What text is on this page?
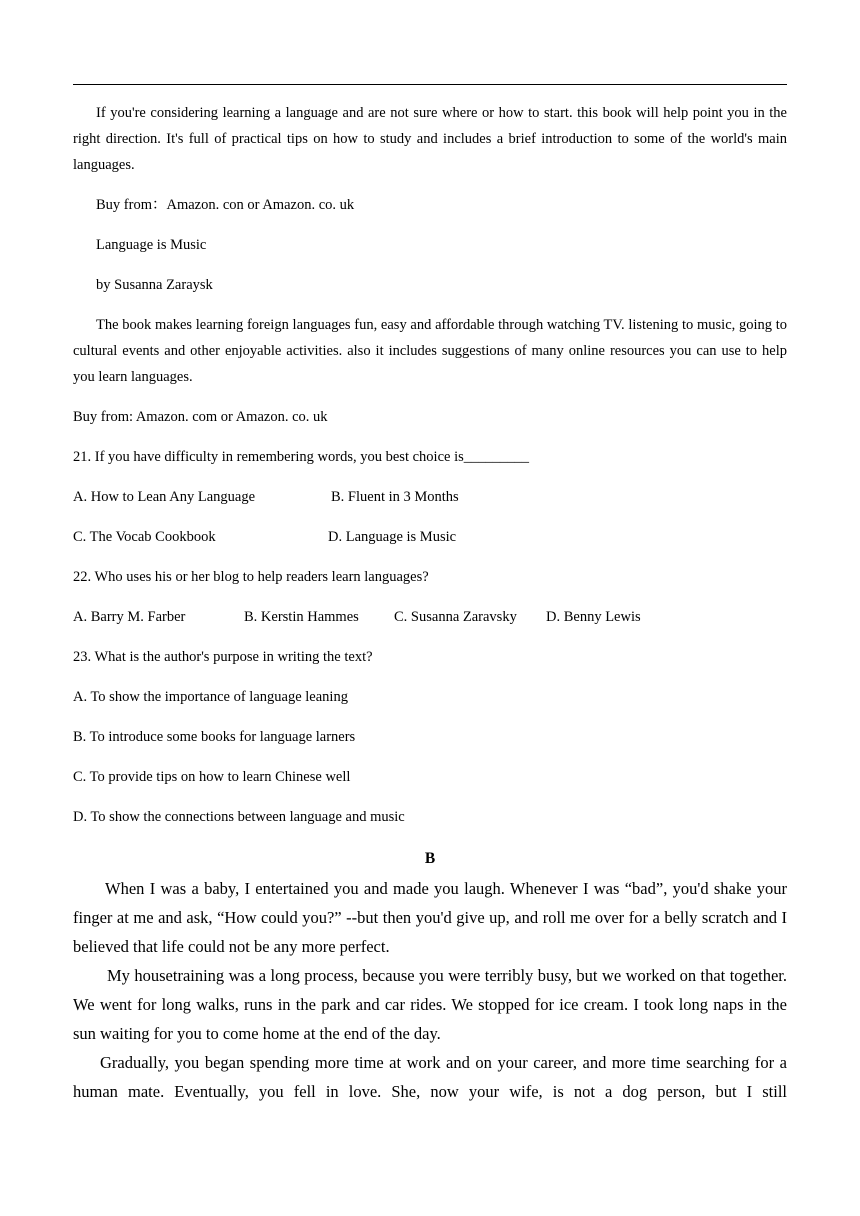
If you're considering learning a language and are not sure where or how to start. this book will help point you in the right direction. It's full of practical tips on how to study and includes a brief introduction to some of the world's main languages.

Buy from：Amazon. con or Amazon. co. uk

Language is Music

by Susanna Zaraysk

The book makes learning foreign languages fun, easy and affordable through watching TV. listening to music, going to cultural events and other enjoyable activities. also it includes suggestions of many online resources you can use to help you learn languages.

Buy from: Amazon. com or Amazon. co. uk

21. If you have difficulty in remembering words, you best choice is_________

A. How to Lean Any Language	B. Fluent in 3 Months
C. The Vocab Cookbook	D. Language is Music

22. Who uses his or her blog to help readers learn languages?

A. Barry M. Farber	B. Kerstin Hammes	C. Susanna Zaravsky	D. Benny Lewis

23. What is the author's purpose in writing the text?

A. To show the importance of language leaning

B. To introduce some books for language larners

C. To provide tips on how to learn Chinese well

D. To show the connections between language and music

B

When I was a baby, I entertained you and made you laugh. Whenever I was “bad”, you'd shake your finger at me and ask, “How could you?” --but then you'd give up, and roll me over for a belly scratch and I believed that life could not be any more perfect.

My housetraining was a long process, because you were terribly busy, but we worked on that together. We went for long walks, runs in the park and car rides. We stopped for ice cream. I took long naps in the sun waiting for you to come home at the end of the day.

Gradually, you began spending more time at work and on your career, and more time searching for a human mate. Eventually, you fell in love. She, now your wife, is not a dog person, but I still
